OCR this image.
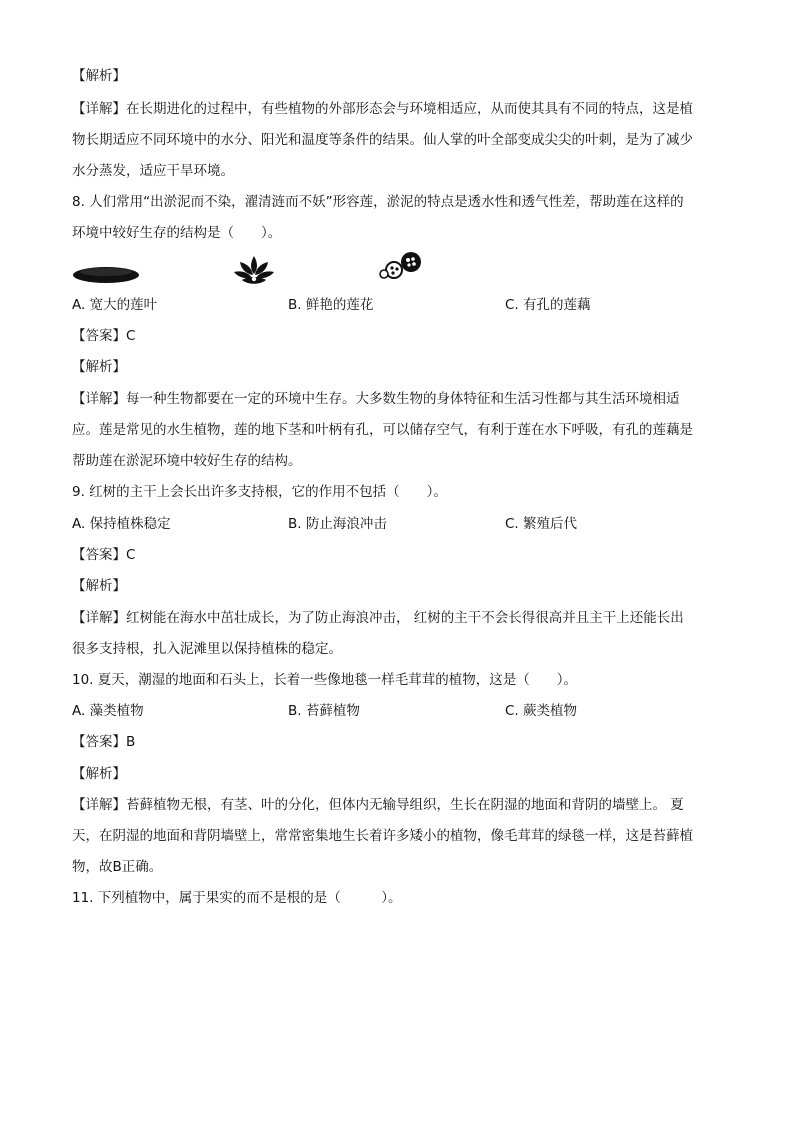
【解析】
【详解】在长期进化的过程中，有些植物的外部形态会与环境相适应，从而使其具有不同的特点，这是植
物长期适应不同环境中的水分、阳光和温度等条件的结果。仙人掌的叶全部变成尖尖的叶刺，是为了减少
水分蒸发，适应干旱环境。
8. 人们常用“出淤泥而不染，濯清涟而不妖”形容莲，淤泥的特点是透水性和透气性差，帮助莲在这样的
环境中较好生存的结构是（　　）。
A. 宽大的莲叶	B. 鲜艳的莲花	C. 有孔的莲藕
【答案】C
【解析】
【详解】每一种生物都要在一定的环境中生存。大多数生物的身体特征和生活习性都与其生活环境相适
应。莲是常见的水生植物，莲的地下茎和叶柄有孔，可以储存空气，有利于莲在水下呼吸，有孔的莲藕是
帮助莲在淤泥环境中较好生存的结构。
9. 红树的主干上会长出许多支持根，它的作用不包括（　　）。
A. 保持植株稳定	B. 防止海浪冲击	C. 繁殖后代
【答案】C
【解析】
【详解】红树能在海水中茁壮成长，为了防止海浪冲击， 红树的主干不会长得很高并且主干上还能长出
很多支持根，扎入泥滩里以保持植株的稳定。
10. 夏天，潮湿的地面和石头上，长着一些像地毯一样毛茸茸的植物，这是（　　）。
A. 藻类植物	B. 苔藓植物	C. 蕨类植物
【答案】B
【解析】
【详解】苔藓植物无根，有茎、叶的分化，但体内无输导组织，生长在阴湿的地面和背阴的墙壁上。 夏
天，在阴湿的地面和背阴墙壁上，常常密集地生长着许多矮小的植物，像毛茸茸的绿毯一样，这是苔藓植
物，故B正确。
11. 下列植物中，属于果实的而不是根的是（　　　）。
